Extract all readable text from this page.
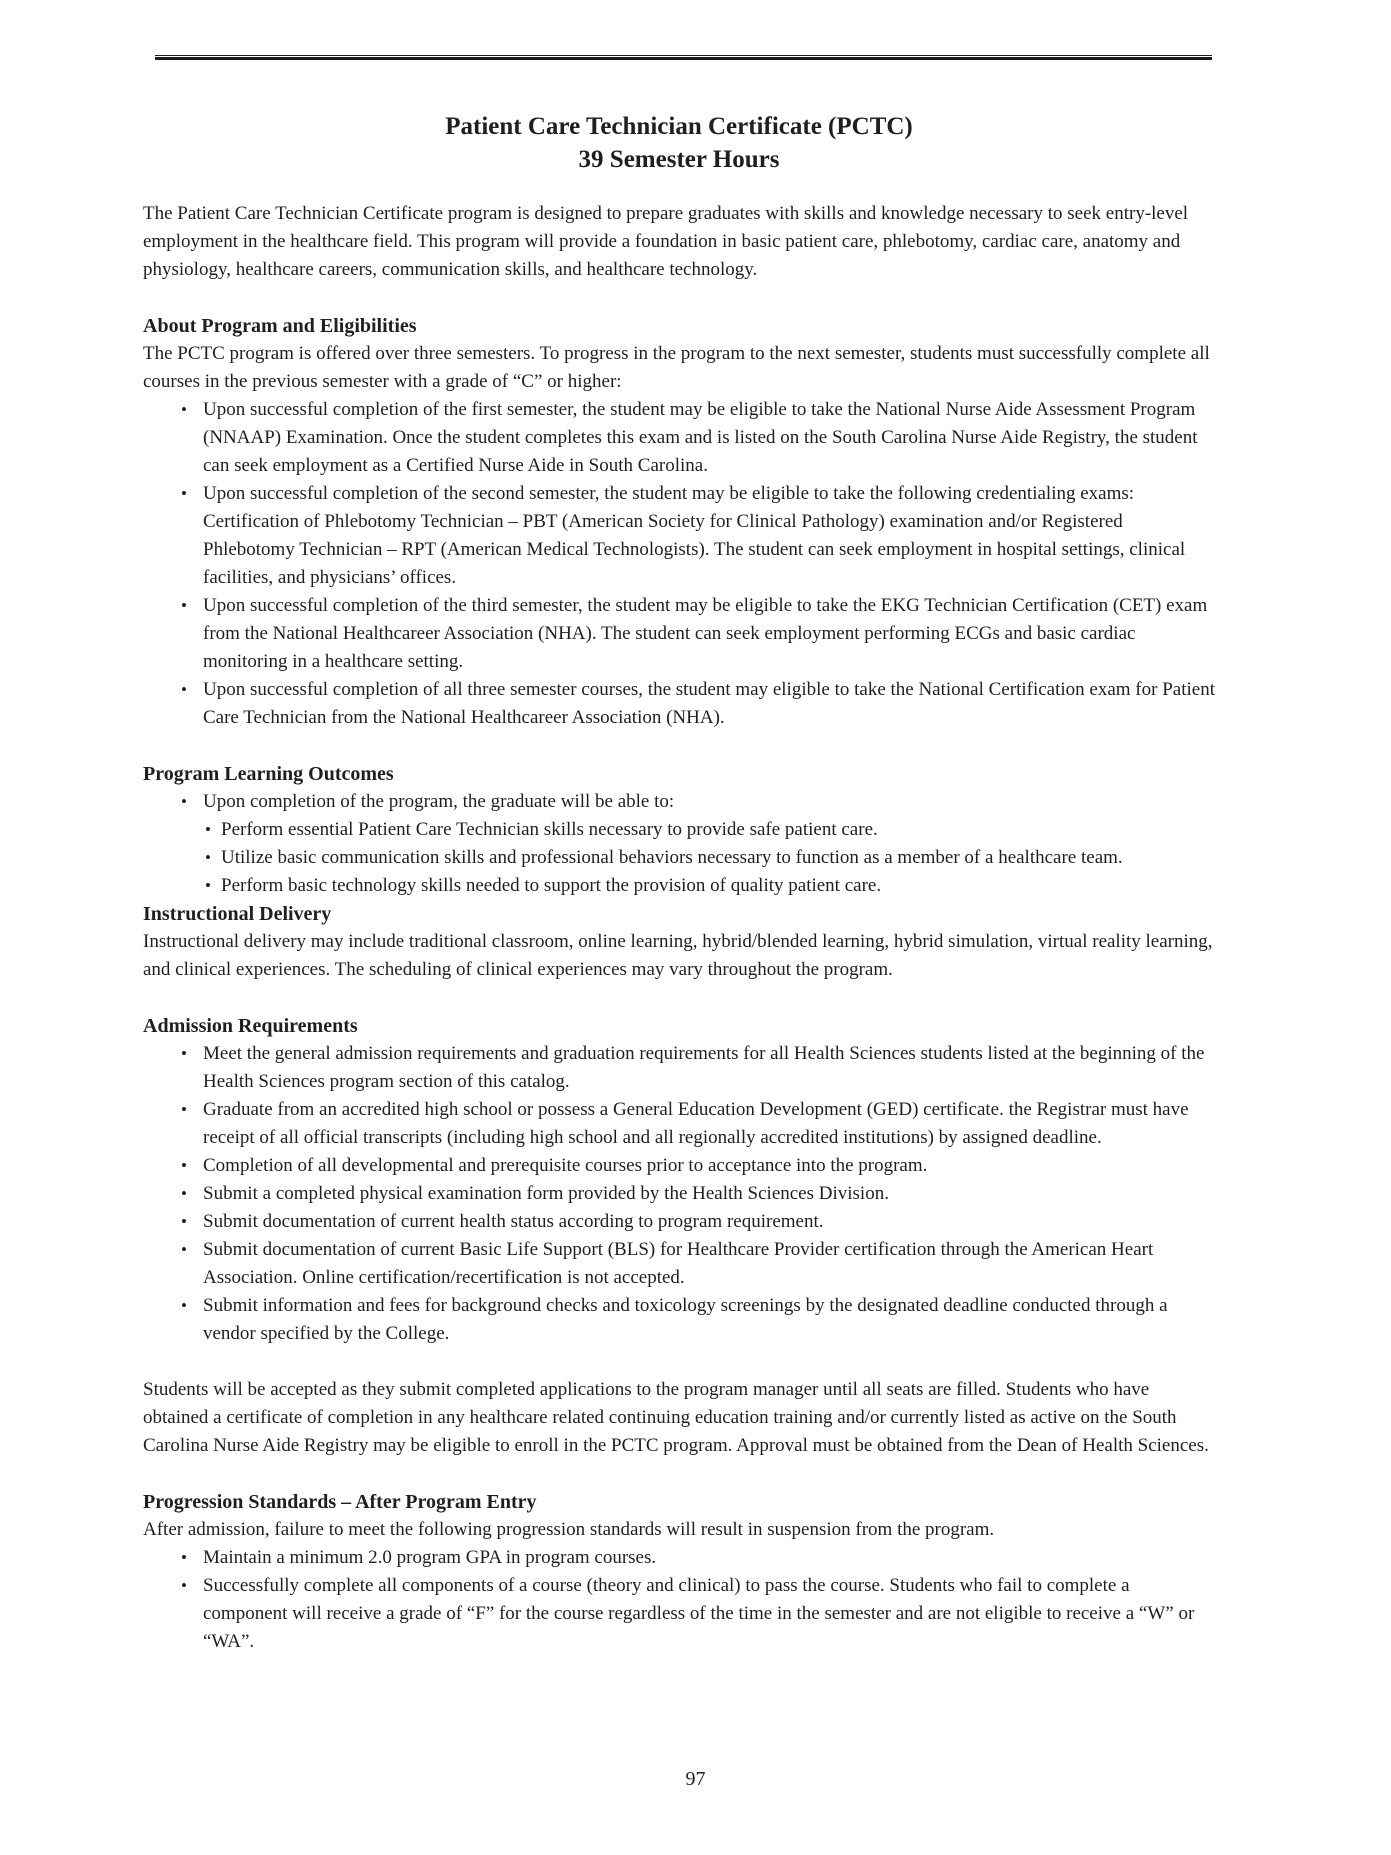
Patient Care Technician Certificate (PCTC)
39 Semester Hours

The Patient Care Technician Certificate program is designed to prepare graduates with skills and knowledge necessary to seek entry-level employment in the healthcare field. This program will provide a foundation in basic patient care, phlebotomy, cardiac care, anatomy and physiology, healthcare careers, communication skills, and healthcare technology.

About Program and Eligibilities

The PCTC program is offered over three semesters. To progress in the program to the next semester, students must successfully complete all courses in the previous semester with a grade of “C” or higher:

• Upon successful completion of the first semester, the student may be eligible to take the National Nurse Aide Assessment Program (NNAAP) Examination. Once the student completes this exam and is listed on the South Carolina Nurse Aide Registry, the student can seek employment as a Certified Nurse Aide in South Carolina.
• Upon successful completion of the second semester, the student may be eligible to take the following credentialing exams: Certification of Phlebotomy Technician – PBT (American Society for Clinical Pathology) examination and/or Registered Phlebotomy Technician – RPT (American Medical Technologists). The student can seek employment in hospital settings, clinical facilities, and physicians’ offices.
• Upon successful completion of the third semester, the student may be eligible to take the EKG Technician Certification (CET) exam from the National Healthcareer Association (NHA). The student can seek employment performing ECGs and basic cardiac monitoring in a healthcare setting.
• Upon successful completion of all three semester courses, the student may eligible to take the National Certification exam for Patient Care Technician from the National Healthcareer Association (NHA).
Program Learning Outcomes
• Upon completion of the program, the graduate will be able to:
• Perform essential Patient Care Technician skills necessary to provide safe patient care.
• Utilize basic communication skills and professional behaviors necessary to function as a member of a healthcare team.
• Perform basic technology skills needed to support the provision of quality patient care.
Instructional Delivery

Instructional delivery may include traditional classroom, online learning, hybrid/blended learning, hybrid simulation, virtual reality learning, and clinical experiences. The scheduling of clinical experiences may vary throughout the program.

Admission Requirements
• Meet the general admission requirements and graduation requirements for all Health Sciences students listed at the beginning of the Health Sciences program section of this catalog.
• Graduate from an accredited high school or possess a General Education Development (GED) certificate. the Registrar must have receipt of all official transcripts (including high school and all regionally accredited institutions) by assigned deadline.
• Completion of all developmental and prerequisite courses prior to acceptance into the program.
• Submit a completed physical examination form provided by the Health Sciences Division.
• Submit documentation of current health status according to program requirement.
• Submit documentation of current Basic Life Support (BLS) for Healthcare Provider certification through the American Heart Association. Online certification/recertification is not accepted.
• Submit information and fees for background checks and toxicology screenings by the designated deadline conducted through a vendor specified by the College.

Students will be accepted as they submit completed applications to the program manager until all seats are filled. Students who have obtained a certificate of completion in any healthcare related continuing education training and/or currently listed as active on the South Carolina Nurse Aide Registry may be eligible to enroll in the PCTC program. Approval must be obtained from the Dean of Health Sciences.

Progression Standards – After Program Entry

After admission, failure to meet the following progression standards will result in suspension from the program.

• Maintain a minimum 2.0 program GPA in program courses.
• Successfully complete all components of a course (theory and clinical) to pass the course. Students who fail to complete a component will receive a grade of “F” for the course regardless of the time in the semester and are not eligible to receive a “W” or “WA”.
97
